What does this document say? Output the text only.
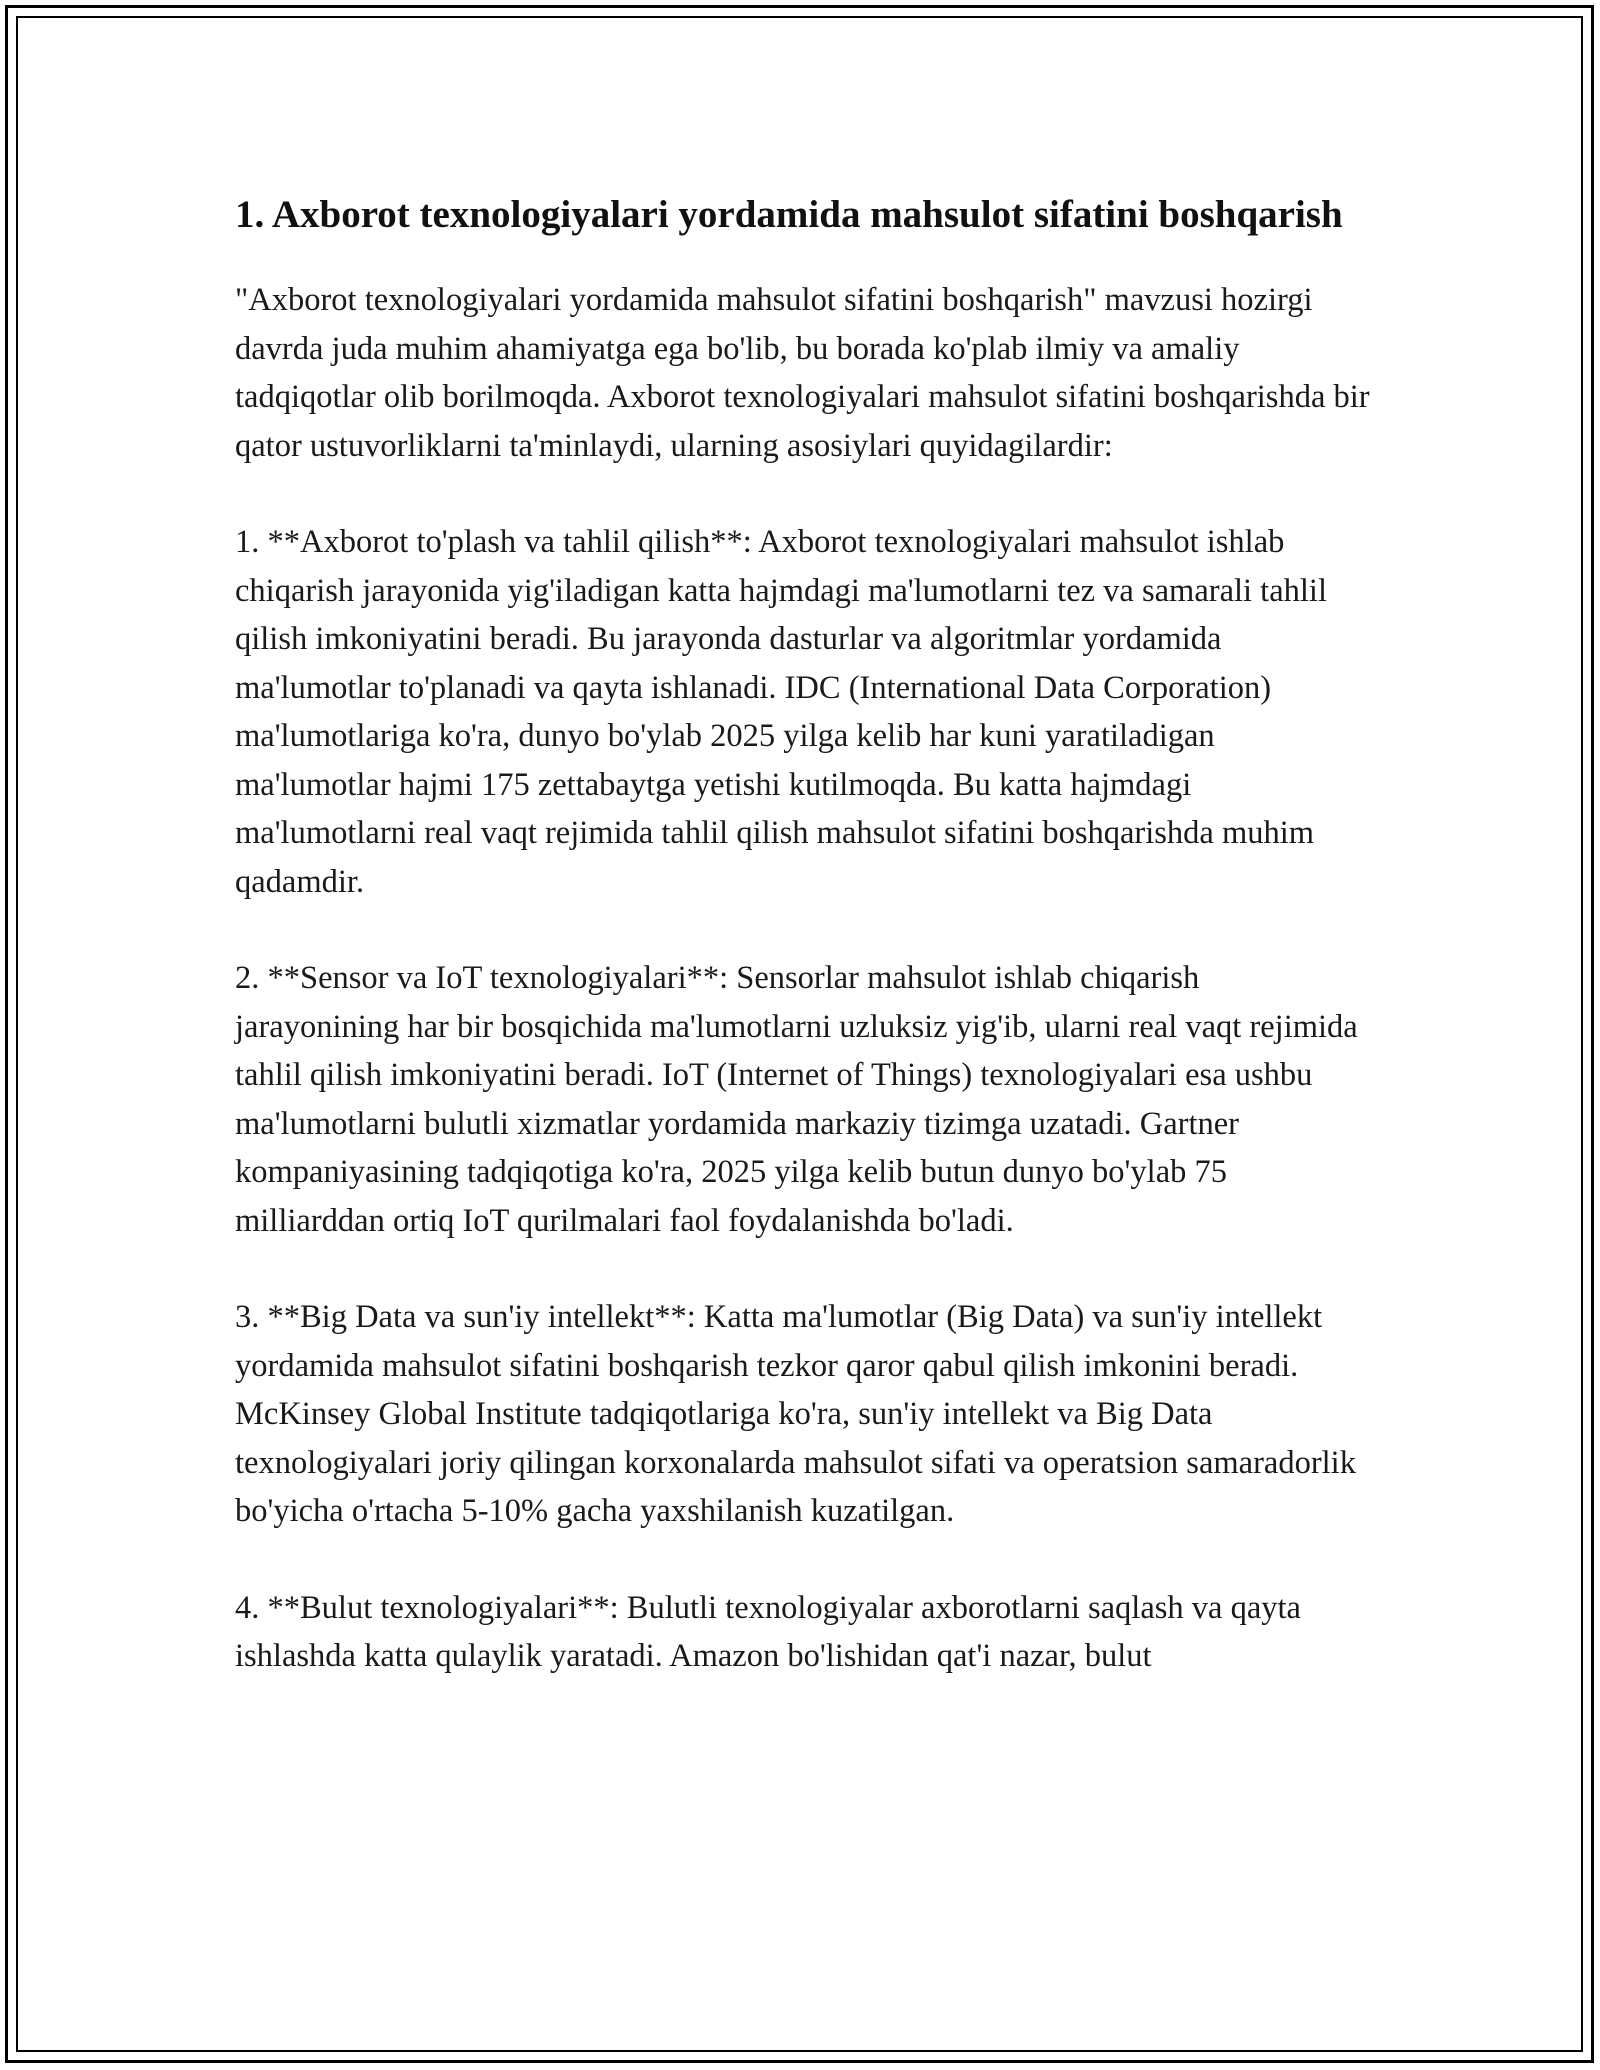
1. Axborot texnologiyalari yordamida mahsulot sifatini boshqarish

"Axborot texnologiyalari yordamida mahsulot sifatini boshqarish" mavzusi hozirgi davrda juda muhim ahamiyatga ega bo'lib, bu borada ko'plab ilmiy va amaliy tadqiqotlar olib borilmoqda. Axborot texnologiyalari mahsulot sifatini boshqarishda bir qator ustuvorliklarni ta'minlaydi, ularning asosiylari quyidagilardir:

1. **Axborot to'plash va tahlil qilish**: Axborot texnologiyalari mahsulot ishlab chiqarish jarayonida yig'iladigan katta hajmdagi ma'lumotlarni tez va samarali tahlil qilish imkoniyatini beradi. Bu jarayonda dasturlar va algoritmlar yordamida ma'lumotlar to'planadi va qayta ishlanadi. IDC (International Data Corporation) ma'lumotlariga ko'ra, dunyo bo'ylab 2025 yilga kelib har kuni yaratiladigan ma'lumotlar hajmi 175 zettabaytga yetishi kutilmoqda. Bu katta hajmdagi ma'lumotlarni real vaqt rejimida tahlil qilish mahsulot sifatini boshqarishda muhim qadamdir.

2. **Sensor va IoT texnologiyalari**: Sensorlar mahsulot ishlab chiqarish jarayonining har bir bosqichida ma'lumotlarni uzluksiz yig'ib, ularni real vaqt rejimida tahlil qilish imkoniyatini beradi. IoT (Internet of Things) texnologiyalari esa ushbu ma'lumotlarni bulutli xizmatlar yordamida markaziy tizimga uzatadi. Gartner kompaniyasining tadqiqotiga ko'ra, 2025 yilga kelib butun dunyo bo'ylab 75 milliarddan ortiq IoT qurilmalari faol foydalanishda bo'ladi.

3. **Big Data va sun'iy intellekt**: Katta ma'lumotlar (Big Data) va sun'iy intellekt yordamida mahsulot sifatini boshqarish tezkor qaror qabul qilish imkonini beradi. McKinsey Global Institute tadqiqotlariga ko'ra, sun'iy intellekt va Big Data texnologiyalari joriy qilingan korxonalarda mahsulot sifati va operatsion samaradorlik bo'yicha o'rtacha 5-10% gacha yaxshilanish kuzatilgan.

4. **Bulut texnologiyalari**: Bulutli texnologiyalar axborotlarni saqlash va qayta ishlashda katta qulaylik yaratadi. Amazon bo'lishidan qat'i nazar, bulut
